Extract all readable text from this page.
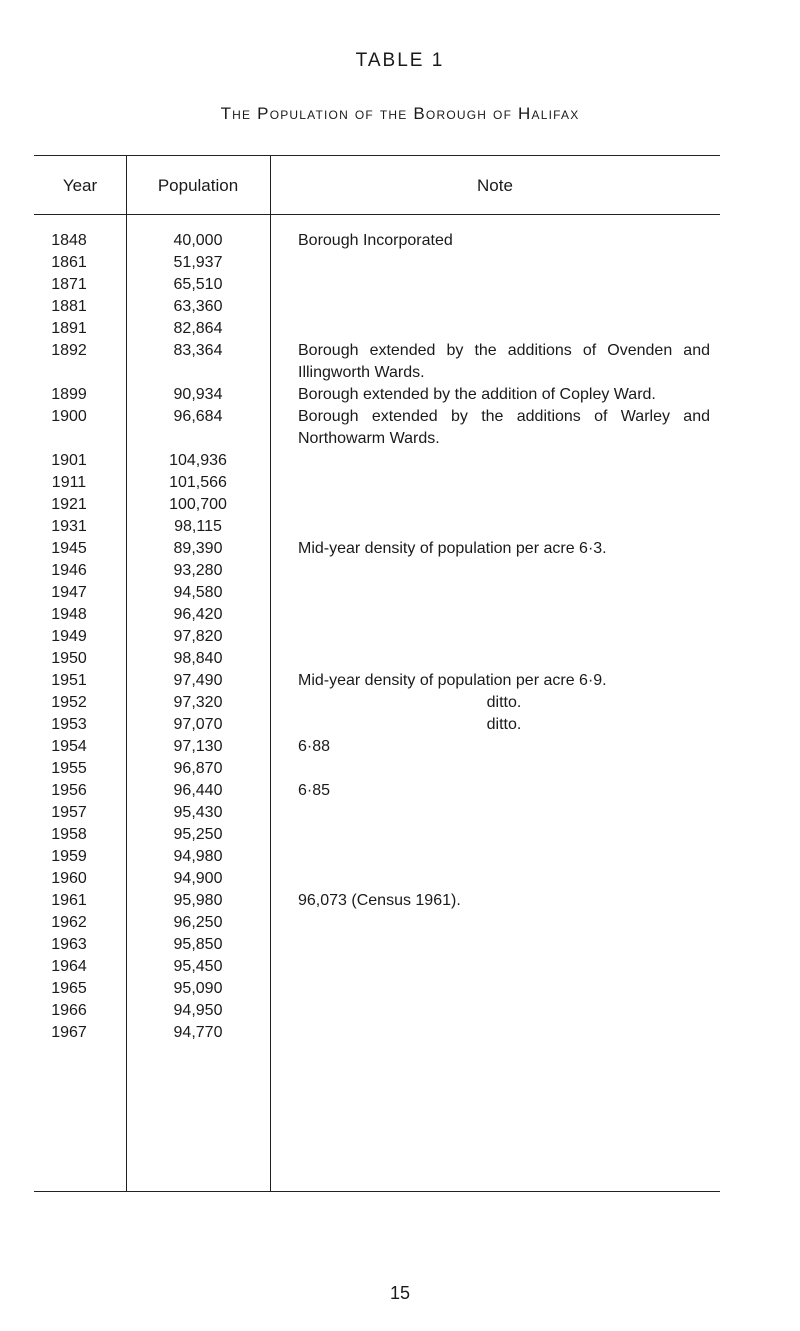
TABLE 1
The Population of the Borough of Halifax
Year	Population	Note
1848	40,000	Borough Incorporated
1861	51,937

1871	65,510

1881	63,360

1891	82,864

1892	83,364	Borough extended by the additions of Ovenden and Illingworth Wards.
1899	90,934	Borough extended by the addition of Copley Ward.
1900	96,684	Borough extended by the additions of Warley and Northowarm Wards.
1901	104,936

1911	101,566

1921	100,700

1931	98,115

1945	89,390	Mid-year density of population per acre 6·3.
1946	93,280

1947	94,580

1948	96,420

1949	97,820

1950	98,840

1951	97,490	Mid-year density of population per acre 6·9.
1952	97,320	ditto.
1953	97,070	ditto.
1954	97,130	6·88
1955	96,870

1956	96,440	6·85
1957	95,430

1958	95,250

1959	94,980

1960	94,900

1961	95,980	96,073 (Census 1961).
1962	96,250

1963	95,850

1964	95,450

1965	95,090

1966	94,950

1967	94,770

15
